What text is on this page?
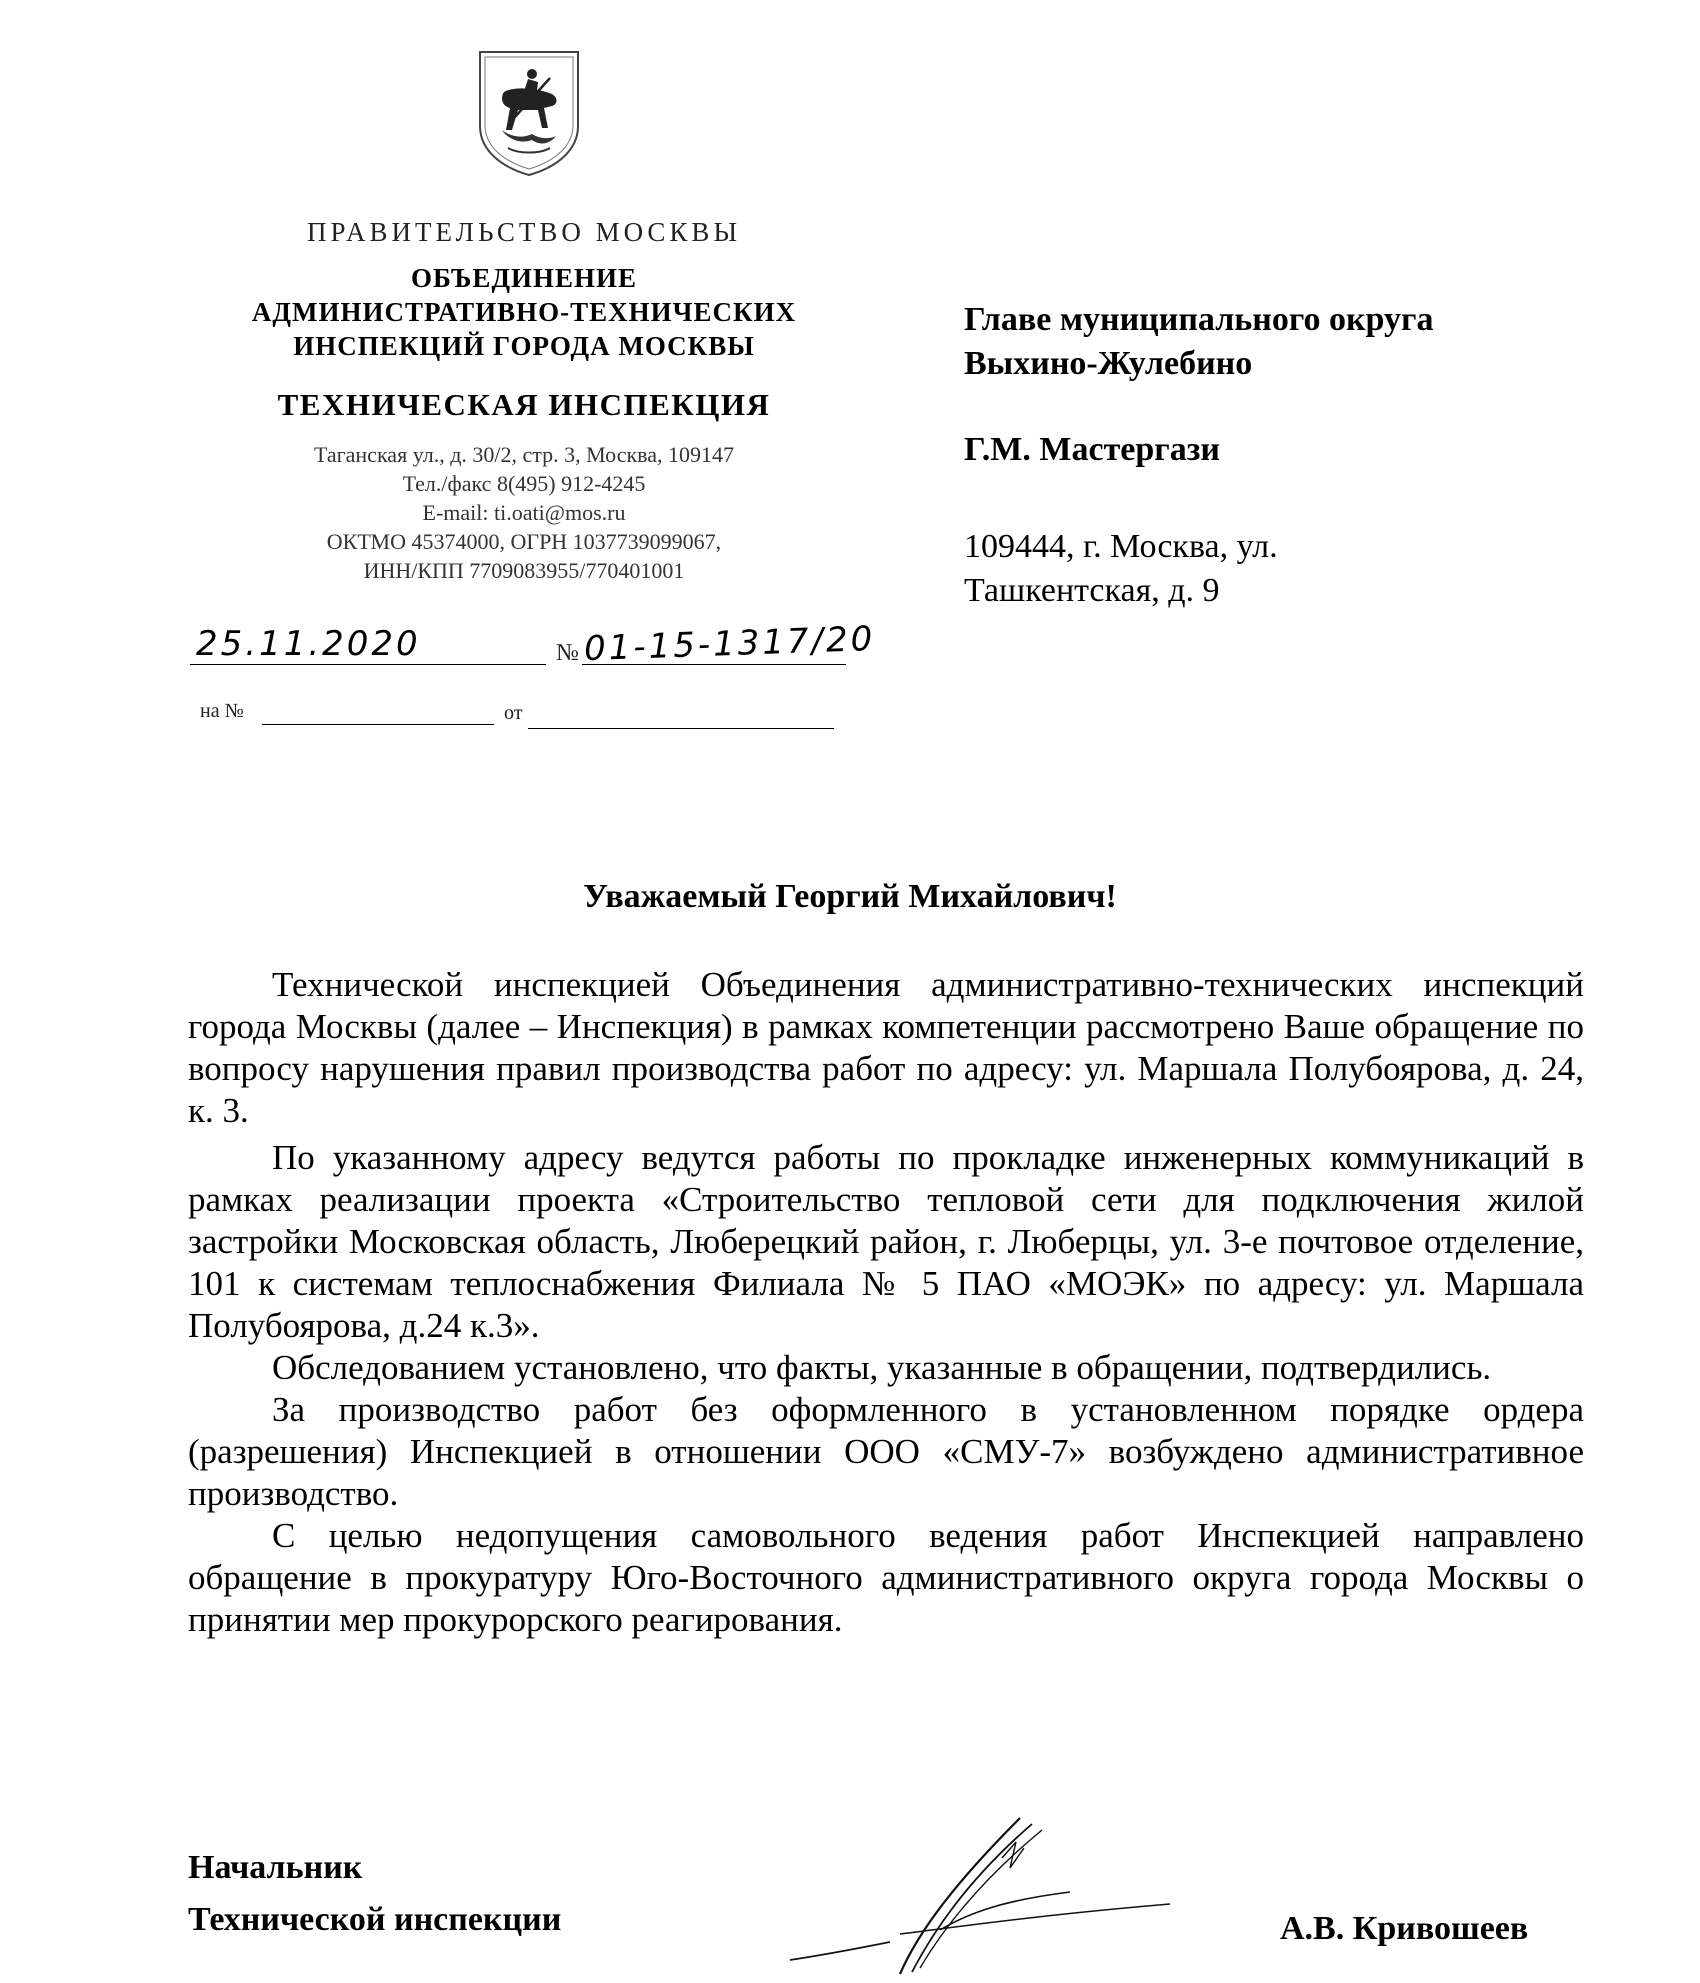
ПРАВИТЕЛЬСТВО МОСКВЫ
ОБЪЕДИНЕНИЕ
АДМИНИСТРАТИВНО-ТЕХНИЧЕСКИХ
ИНСПЕКЦИЙ ГОРОДА МОСКВЫ
ТЕХНИЧЕСКАЯ ИНСПЕКЦИЯ
Таганская ул., д. 30/2, стр. 3, Москва, 109147
Тел./факс 8(495) 912-4245
E-mail: ti.oati@mos.ru
ОКТМО 45374000, ОГРН 1037739099067,
ИНН/КПП 7709083955/770401001
25.11.2020	№ 01-15-1317/20
на №	от
Главе муниципального округа
Выхино-Жулебино
Г.М. Мастергази
109444, г. Москва, ул.
Ташкентская, д. 9
Уважаемый Георгий Михайлович!

Технической инспекцией Объединения административно-технических инспекций города Москвы (далее – Инспекция) в рамках компетенции рассмотрено Ваше обращение по вопросу нарушения правил производства работ по адресу: ул. Маршала Полубоярова, д. 24, к. 3.

По указанному адресу ведутся работы по прокладке инженерных коммуникаций в рамках реализации проекта «Строительство тепловой сети для подключения жилой застройки Московская область, Люберецкий район, г. Люберцы, ул. 3-е почтовое отделение, 101 к системам теплоснабжения Филиала № 5 ПАО «МОЭК» по адресу: ул. Маршала Полубоярова, д.24 к.3».

Обследованием установлено, что факты, указанные в обращении, подтвердились.

За производство работ без оформленного в установленном порядке ордера (разрешения) Инспекцией в отношении ООО «СМУ-7» возбуждено административное производство.

С целью недопущения самовольного ведения работ Инспекцией направлено обращение в прокуратуру Юго-Восточного административного округа города Москвы о принятии мер прокурорского реагирования.

Начальник
Технической инспекции	А.В. Кривошеев
